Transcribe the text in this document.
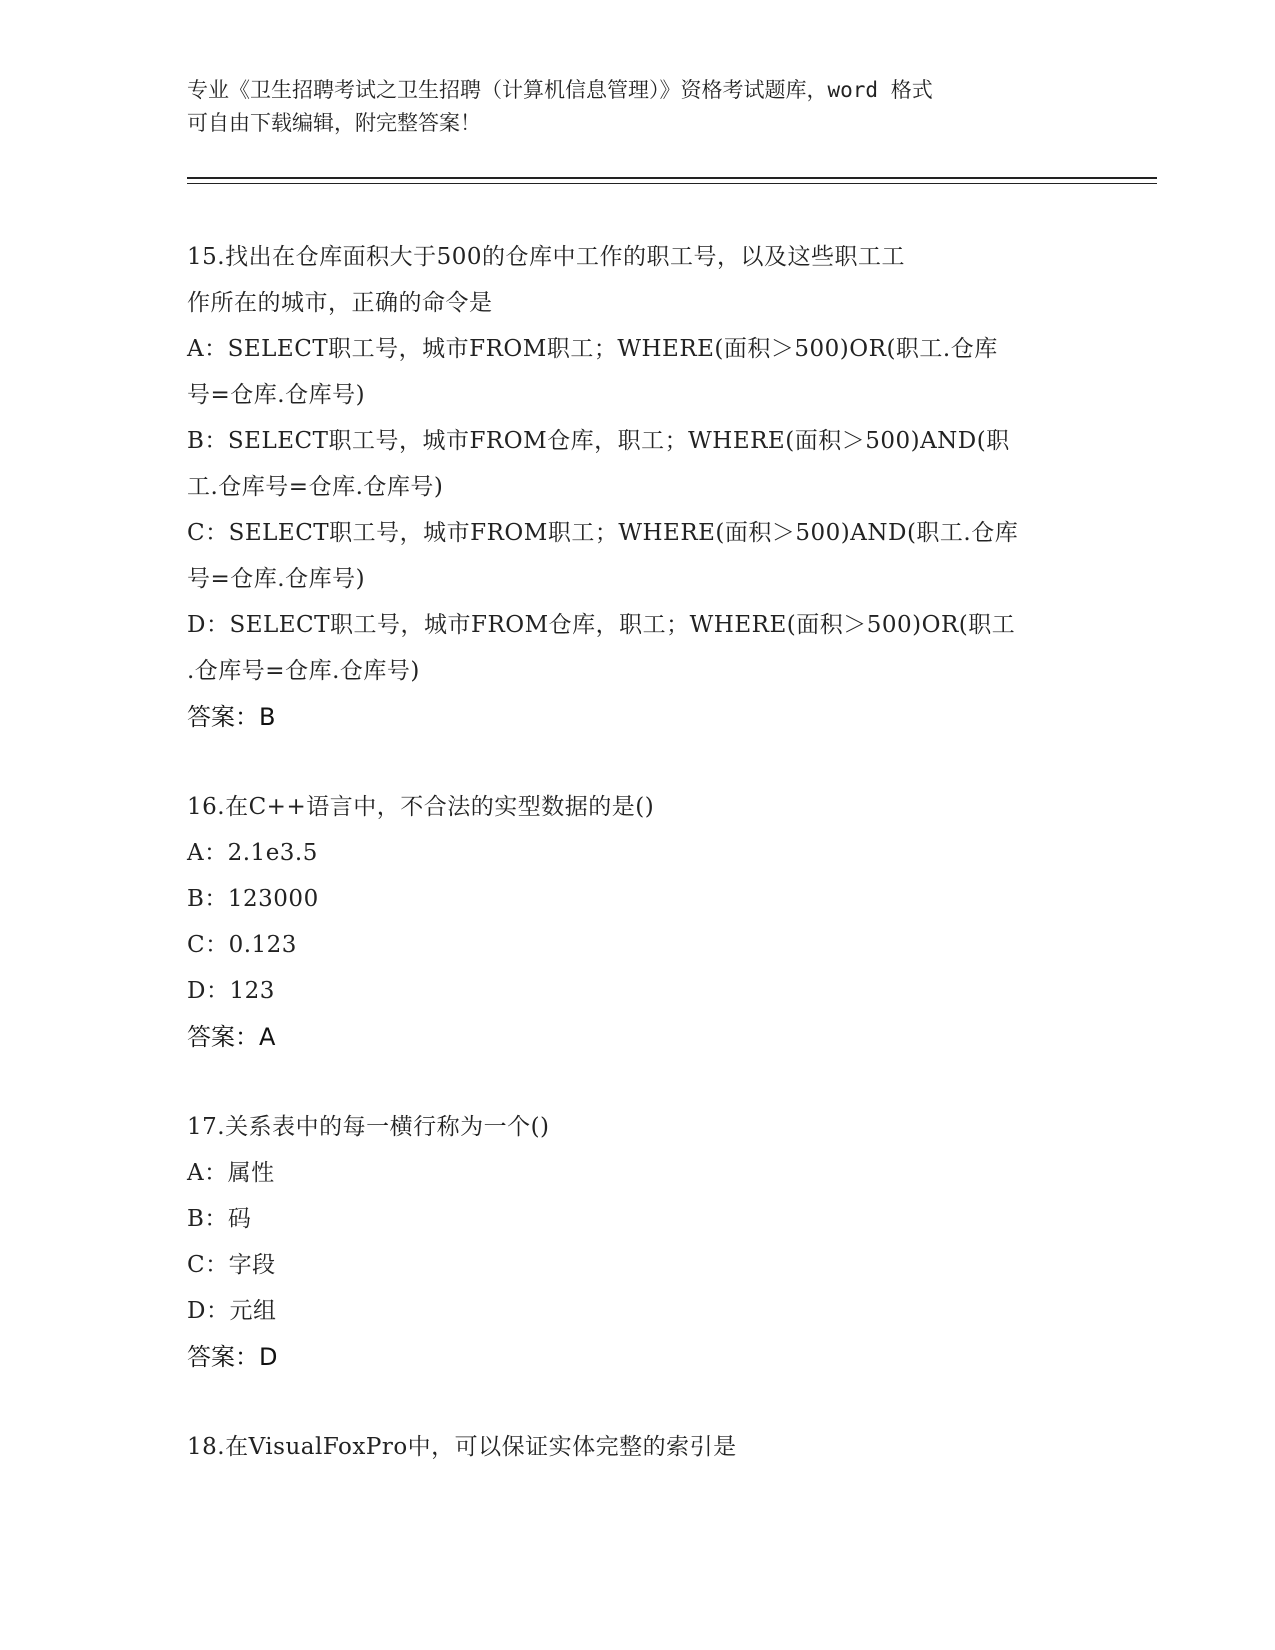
专业《卫生招聘考试之卫生招聘（计算机信息管理）》资格考试题库，word 格式
可自由下载编辑，附完整答案！
15.找出在仓库面积大于500的仓库中工作的职工号，以及这些职工工
作所在的城市，正确的命令是
A：SELECT职工号，城市FROM职工；WHERE(面积＞500)OR(职工.仓库
号=仓库.仓库号)
B：SELECT职工号，城市FROM仓库，职工；WHERE(面积＞500)AND(职
工.仓库号=仓库.仓库号)
C：SELECT职工号，城市FROM职工；WHERE(面积＞500)AND(职工.仓库
号=仓库.仓库号)
D：SELECT职工号，城市FROM仓库，职工；WHERE(面积＞500)OR(职工
.仓库号=仓库.仓库号)
答案：B
16.在C++语言中，不合法的实型数据的是()
A：2.1e3.5
B：123000
C：0.123
D：123
答案：A
17.关系表中的每一横行称为一个()
A：属性
B：码
C：字段
D：元组
答案：D
18.在VisualFoxPro中，可以保证实体完整的索引是
